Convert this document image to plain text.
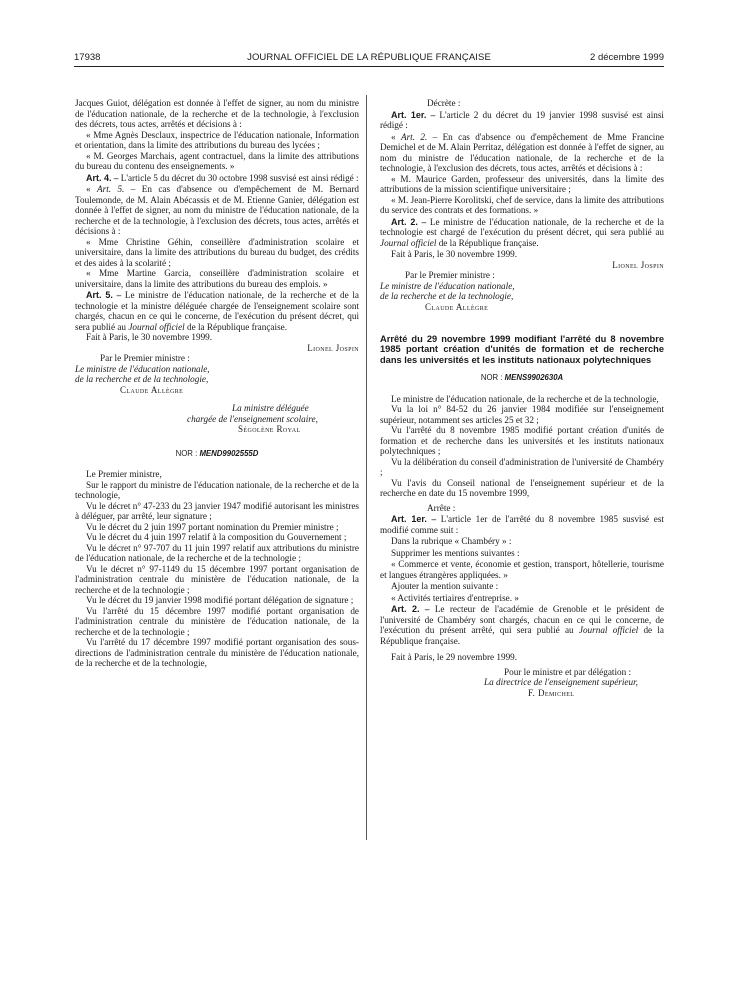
17938	JOURNAL OFFICIEL DE LA RÉPUBLIQUE FRANÇAISE	2 décembre 1999

Jacques Guiot, délégation est donnée à l'effet de signer, au nom du ministre de l'éducation nationale, de la recherche et de la technologie, à l'exclusion des décrets, tous actes, arrêtés et décisions à :

« Mme Agnès Desclaux, inspectrice de l'éducation nationale, Information et orientation, dans la limite des attributions du bureau des lycées ;

« M. Georges Marchais, agent contractuel, dans la limite des attributions du bureau du contenu des enseignements. »

Art. 4. – L'article 5 du décret du 30 octobre 1998 susvisé est ainsi rédigé :

« Art. 5. – En cas d'absence ou d'empêchement de M. Bernard Toulemonde, de M. Alain Abécassis et de M. Etienne Ganier, délégation est donnée à l'effet de signer, au nom du ministre de l'éducation nationale, de la recherche et de la technologie, à l'exclusion des décrets, tous actes, arrêtés et décisions à :

« Mme Christine Géhin, conseillère d'administration scolaire et universitaire, dans la limite des attributions du bureau du budget, des crédits et des aides à la scolarité ;

« Mme Martine Garcia, conseillère d'administration scolaire et universitaire, dans la limite des attributions du bureau des emplois. »

Art. 5. – Le ministre de l'éducation nationale, de la recherche et de la technologie et la ministre déléguée chargée de l'enseignement scolaire sont chargés, chacun en ce qui le concerne, de l'exécution du présent décret, qui sera publié au Journal officiel de la République française.

Fait à Paris, le 30 novembre 1999.

Lionel Jospin

Par le Premier ministre :

Le ministre de l'éducation nationale,

de la recherche et de la technologie,

Claude Allègre

La ministre déléguée

chargée de l'enseignement scolaire,

Ségolène Royal

NOR : MEND9902555D

Le Premier ministre,

Sur le rapport du ministre de l'éducation nationale, de la recherche et de la technologie,

Vu le décret n° 47-233 du 23 janvier 1947 modifié autorisant les ministres à déléguer, par arrêté, leur signature ;

Vu le décret du 2 juin 1997 portant nomination du Premier ministre ;

Vu le décret du 4 juin 1997 relatif à la composition du Gouvernement ;

Vu le décret n° 97-707 du 11 juin 1997 relatif aux attributions du ministre de l'éducation nationale, de la recherche et de la technologie ;

Vu le décret n° 97-1149 du 15 décembre 1997 portant organisation de l'administration centrale du ministère de l'éducation nationale, de la recherche et de la technologie ;

Vu le décret du 19 janvier 1998 modifié portant délégation de signature ;

Vu l'arrêté du 15 décembre 1997 modifié portant organisation de l'administration centrale du ministère de l'éducation nationale, de la recherche et de la technologie ;

Vu l'arrêté du 17 décembre 1997 modifié portant organisation des sous-directions de l'administration centrale du ministère de l'éducation nationale, de la recherche et de la technologie,

Décrète :

Art. 1er. – L'article 2 du décret du 19 janvier 1998 susvisé est ainsi rédigé :

« Art. 2. – En cas d'absence ou d'empêchement de Mme Francine Demichel et de M. Alain Perritaz, délégation est donnée à l'effet de signer, au nom du ministre de l'éducation nationale, de la recherche et de la technologie, à l'exclusion des décrets, tous actes, arrêtés et décisions à :

« M. Maurice Garden, professeur des universités, dans la limite des attributions de la mission scientifique universitaire ;

« M. Jean-Pierre Korolitski, chef de service, dans la limite des attributions du service des contrats et des formations. »

Art. 2. – Le ministre de l'éducation nationale, de la recherche et de la technologie est chargé de l'exécution du présent décret, qui sera publié au Journal officiel de la République française.

Fait à Paris, le 30 novembre 1999.

Lionel Jospin

Par le Premier ministre :

Le ministre de l'éducation nationale,

de la recherche et de la technologie,

Claude Allègre

Arrêté du 29 novembre 1999 modifiant l'arrêté du 8 novembre 1985 portant création d'unités de formation et de recherche dans les universités et les instituts nationaux polytechniques

NOR : MENS9902630A

Le ministre de l'éducation nationale, de la recherche et de la technologie,

Vu la loi n° 84-52 du 26 janvier 1984 modifiée sur l'enseignement supérieur, notamment ses articles 25 et 32 ;

Vu l'arrêté du 8 novembre 1985 modifié portant création d'unités de formation et de recherche dans les universités et les instituts nationaux polytechniques ;

Vu la délibération du conseil d'administration de l'université de Chambéry ;

Vu l'avis du Conseil national de l'enseignement supérieur et de la recherche en date du 15 novembre 1999,

Arrête :

Art. 1er. – L'article 1er de l'arrêté du 8 novembre 1985 susvisé est modifié comme suit :

Dans la rubrique « Chambéry » :

Supprimer les mentions suivantes :

« Commerce et vente, économie et gestion, transport, hôtellerie, tourisme et langues étrangères appliquées. »

Ajouter la mention suivante :

« Activités tertiaires d'entreprise. »

Art. 2. – Le recteur de l'académie de Grenoble et le président de l'université de Chambéry sont chargés, chacun en ce qui le concerne, de l'exécution du présent arrêté, qui sera publié au Journal officiel de la République française.

Fait à Paris, le 29 novembre 1999.

Pour le ministre et par délégation :

La directrice de l'enseignement supérieur,

F. Demichel
